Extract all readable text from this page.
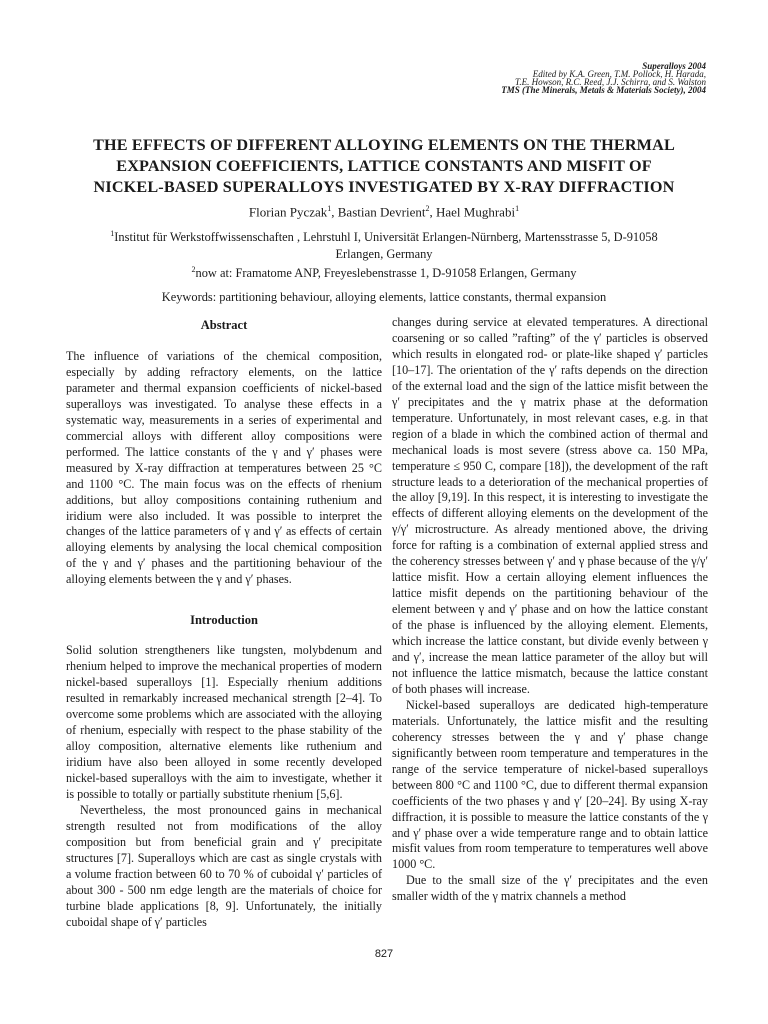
Superalloys 2004
Edited by K.A. Green, T.M. Pollock, H. Harada,
T.E. Howson, R.C. Reed, J.J. Schirra, and S. Walston
TMS (The Minerals, Metals & Materials Society), 2004
THE EFFECTS OF DIFFERENT ALLOYING ELEMENTS ON THE THERMAL
EXPANSION COEFFICIENTS, LATTICE CONSTANTS AND MISFIT OF
NICKEL-BASED SUPERALLOYS INVESTIGATED BY X-RAY DIFFRACTION
Florian Pyczak$^1$, Bastian Devrient$^2$, Hael Mughrabi$^1$
$^1$Institut für Werkstoffwissenschaften , Lehrstuhl I, Universität Erlangen-Nürnberg, Martensstrasse 5, D-91058
Erlangen, Germany
$^2$now at: Framatome ANP, Freyeslebenstrasse 1, D-91058 Erlangen, Germany
Keywords: partitioning behaviour, alloying elements, lattice constants, thermal expansion
Abstract

The influence of variations of the chemical composition, especially by adding refractory elements, on the lattice parameter and thermal expansion coefficients of nickel-based superalloys was investigated. To analyse these effects in a systematic way, measurements in a series of experimental and commercial alloys with different alloy compositions were performed. The lattice constants of the γ and γ′ phases were measured by X-ray diffraction at temperatures between 25 °C and 1100 °C. The main focus was on the effects of rhenium additions, but alloy compositions containing ruthenium and iridium were also included. It was possible to interpret the changes of the lattice parameters of γ and γ′ as effects of certain alloying elements by analysing the local chemical composition of the γ and γ′ phases and the partitioning behaviour of the alloying elements between the γ and γ′ phases.

Introduction

Solid solution strengtheners like tungsten, molybdenum and rhenium helped to improve the mechanical properties of modern nickel-based superalloys [1]. Especially rhenium additions resulted in remarkably increased mechanical strength [2–4]. To overcome some problems which are associated with the alloying of rhenium, especially with respect to the phase stability of the alloy composition, alternative elements like ruthenium and iridium have also been alloyed in some recently developed nickel-based superalloys with the aim to investigate, whether it is possible to totally or partially substitute rhenium [5,6].

Nevertheless, the most pronounced gains in mechanical strength resulted not from modifications of the alloy composition but from beneficial grain and γ′ precipitate structures [7]. Superalloys which are cast as single crystals with a volume fraction between 60 to 70 % of cuboidal γ′ particles of about 300 - 500 nm edge length are the materials of choice for turbine blade applications [8, 9]. Unfortunately, the initially cuboidal shape of γ′ particles

changes during service at elevated temperatures. A directional coarsening or so called ”rafting” of the γ′ particles is observed which results in elongated rod- or plate-like shaped γ′ particles [10–17]. The orientation of the γ′ rafts depends on the direction of the external load and the sign of the lattice misfit between the γ′ precipitates and the γ matrix phase at the deformation temperature. Unfortunately, in most relevant cases, e.g. in that region of a blade in which the combined action of thermal and mechanical loads is most severe (stress above ca. 150 MPa, temperature ≤ 950 C, compare [18]), the development of the raft structure leads to a deterioration of the mechanical properties of the alloy [9,19]. In this respect, it is interesting to investigate the effects of different alloying elements on the development of the γ/γ′ microstructure. As already mentioned above, the driving force for rafting is a combination of external applied stress and the coherency stresses between γ′ and γ phase because of the γ/γ′ lattice misfit. How a certain alloying element influences the lattice misfit depends on the partitioning behaviour of the element between γ and γ′ phase and on how the lattice constant of the phase is influenced by the alloying element. Elements, which increase the lattice constant, but divide evenly between γ and γ′, increase the mean lattice parameter of the alloy but will not influence the lattice mismatch, because the lattice constant of both phases will increase.

Nickel-based superalloys are dedicated high-temperature materials. Unfortunately, the lattice misfit and the resulting coherency stresses between the γ and γ′ phase change significantly between room temperature and temperatures in the range of the service temperature of nickel-based superalloys between 800 °C and 1100 °C, due to different thermal expansion coefficients of the two phases γ and γ′ [20–24]. By using X-ray diffraction, it is possible to measure the lattice constants of the γ and γ′ phase over a wide temperature range and to obtain lattice misfit values from room temperature to temperatures well above 1000 °C.

Due to the small size of the γ′ precipitates and the even smaller width of the γ matrix channels a method

827
